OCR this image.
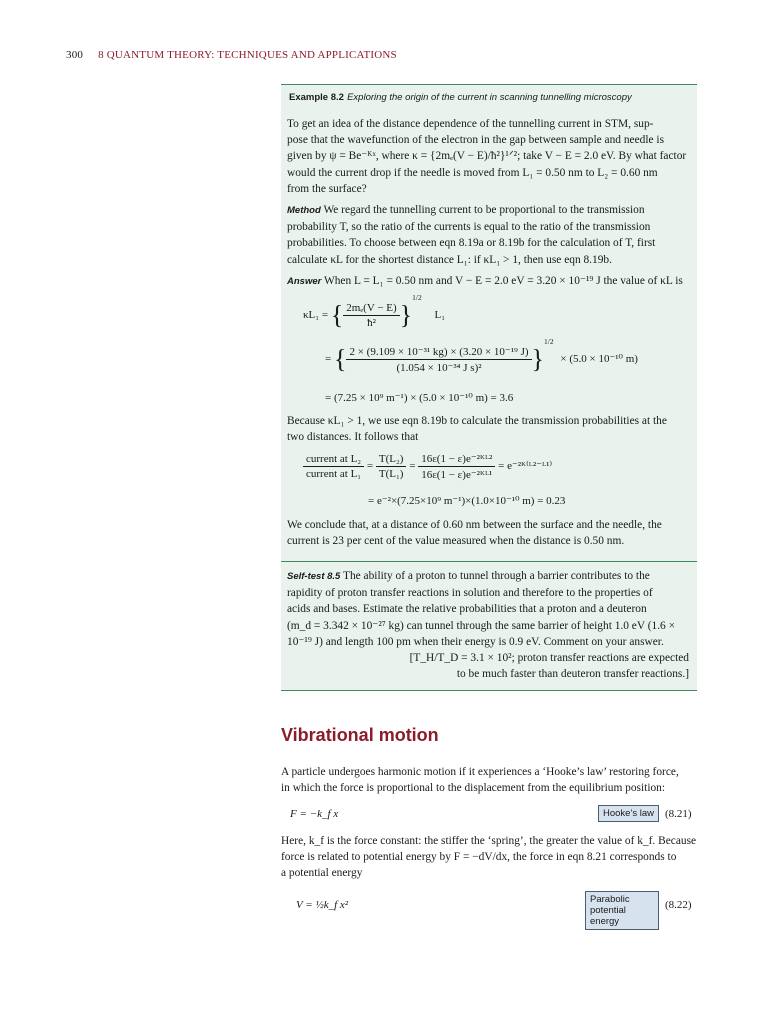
300 8 QUANTUM THEORY: TECHNIQUES AND APPLICATIONS
Example 8.2 Exploring the origin of the current in scanning tunnelling microscopy

To get an idea of the distance dependence of the tunnelling current in STM, sup-

pose that the wavefunction of the electron in the gap between sample and needle is

given by ψ = Be⁻ᴷˣ, where κ = {2mₑ(V − E)/ħ²}¹ᐟ²; take V − E = 2.0 eV. By what factor

would the current drop if the needle is moved from L₁ = 0.50 nm to L₂ = 0.60 nm

from the surface?

Method We regard the tunnelling current to be proportional to the transmission

probability T, so the ratio of the currents is equal to the ratio of the transmission

probabilities. To choose between eqn 8.19a or 8.19b for the calculation of T, first

calculate κL for the shortest distance L₁: if κL₁ > 1, then use eqn 8.19b.

Answer When L = L₁ = 0.50 nm and V − E = 2.0 eV = 3.20 × 10⁻¹⁹ J the value of κL is

κL₁ = { $\frac{\text{2mₑ(V − E)}}{\text{ħ²}} \}^{1/2}$ L₁
= { $\frac{\text{2 × (9.109 × 10⁻³¹ kg) × (3.20 × 10⁻¹⁹ J)}}{\text{(1.054 × 10⁻³⁴ J s)²}} \}^{1/2} \times (5.0 \times 10^{-10}$ m)
= (7.25 × 10⁹ m⁻¹) × (5.0 × 10⁻¹⁰ m) = 3.6

Because κL₁ > 1, we use eqn 8.19b to calculate the transmission probabilities at the

two distances. It follows that

$\frac{\text{current at L₂}}{\text{current at L₁}} = \frac{\text{T(L₂)}}{\text{T(L₁)}} = \frac{\text{16ε(1 − ε)e⁻²ᴷᴸ²}}{\text{16ε(1 − ε)e⁻²ᴷᴸ¹}}$ = e⁻²ᴷ⁽ᴸ²⁻ᴸ¹⁾
= e⁻²×(7.25×10⁹ m⁻¹)×(1.0×10⁻¹⁰ m) = 0.23

We conclude that, at a distance of 0.60 nm between the surface and the needle, the

current is 23 per cent of the value measured when the distance is 0.50 nm.

Self-test 8.5 The ability of a proton to tunnel through a barrier contributes to the

rapidity of proton transfer reactions in solution and therefore to the properties of

acids and bases. Estimate the relative probabilities that a proton and a deuteron

(m_d = 3.342 × 10⁻²⁷ kg) can tunnel through the same barrier of height 1.0 eV (1.6 ×

10⁻¹⁹ J) and length 100 pm when their energy is 0.9 eV. Comment on your answer.

[T_H/T_D = 3.1 × 10²; proton transfer reactions are expected

to be much faster than deuteron transfer reactions.]

Vibrational motion

A particle undergoes harmonic motion if it experiences a ‘Hooke’s law’ restoring force,

in which the force is proportional to the displacement from the equilibrium position:

F = −k_f x	Hooke’s law (8.21)

Here, k_f is the force constant: the stiffer the ‘spring’, the greater the value of k_f. Because

force is related to potential energy by F = −dV/dx, the force in eqn 8.21 corresponds to

a potential energy

V = ½k_f x²	Parabolic
potential energy
(8.22)
